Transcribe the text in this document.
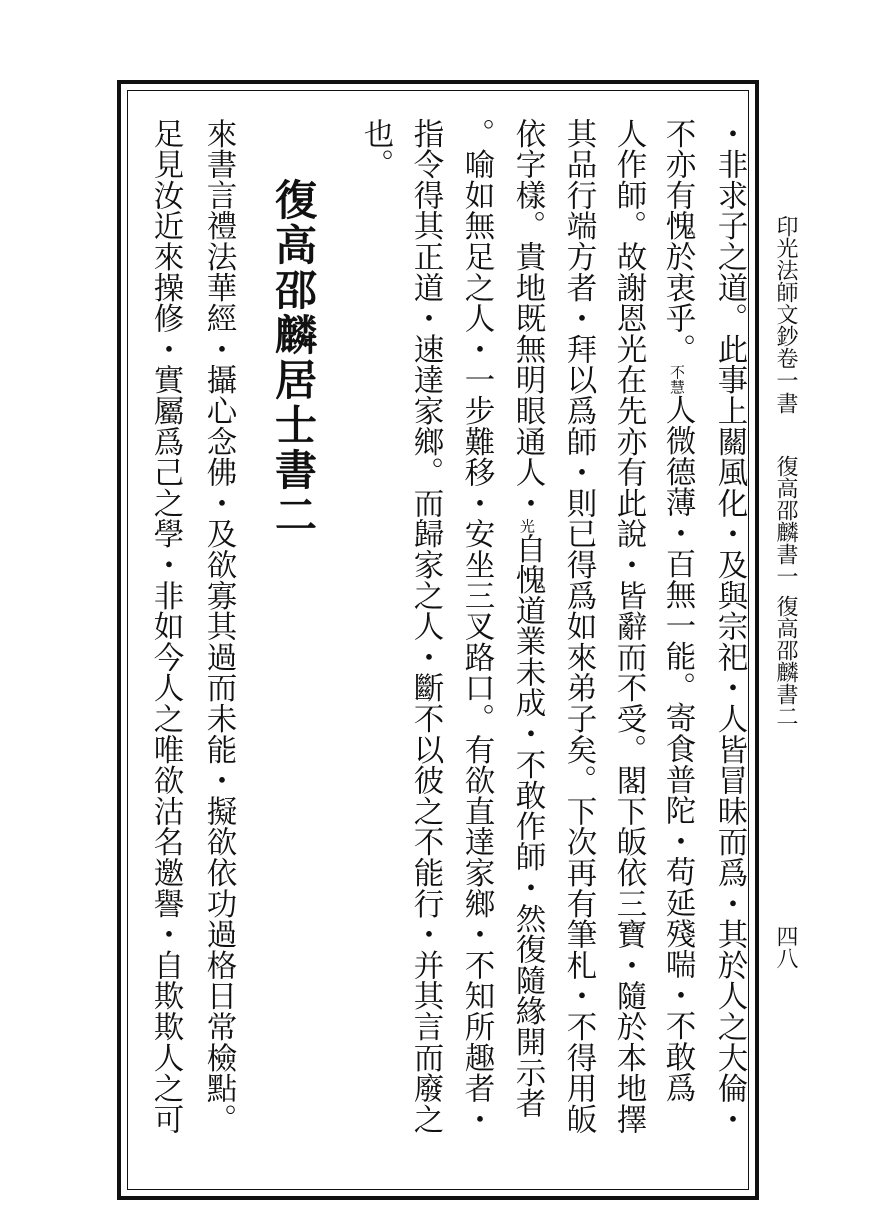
印光法師文鈔卷一
書
復高邵麟書一
復高邵麟書二
四八
・非求子之道。此事上關風化・及與宗祀・人皆冒昧而爲・其於人之大倫・
不亦有愧於衷乎。不慧人微德薄・百無一能。寄食普陀・苟延殘喘・不敢爲
人作師。故謝恩光在先亦有此說・皆辭而不受。閣下皈依三寶・隨於本地擇
其品行端方者・拜以爲師・則已得爲如來弟子矣。下次再有筆札・不得用皈
依字樣。貴地既無明眼通人・光自愧道業未成・不敢作師・然復隨緣開示者
。喻如無足之人・一步難移・安坐三叉路口。有欲直達家鄉・不知所趣者・
指令得其正道・速達家鄉。而歸家之人・斷不以彼之不能行・并其言而廢之
也。
復高邵麟居士書二
來書言禮法華經・攝心念佛・及欲寡其過而未能・擬欲依功過格日常檢點。
足見汝近來操修・實屬爲己之學・非如今人之唯欲沽名邀譽・自欺欺人之可
